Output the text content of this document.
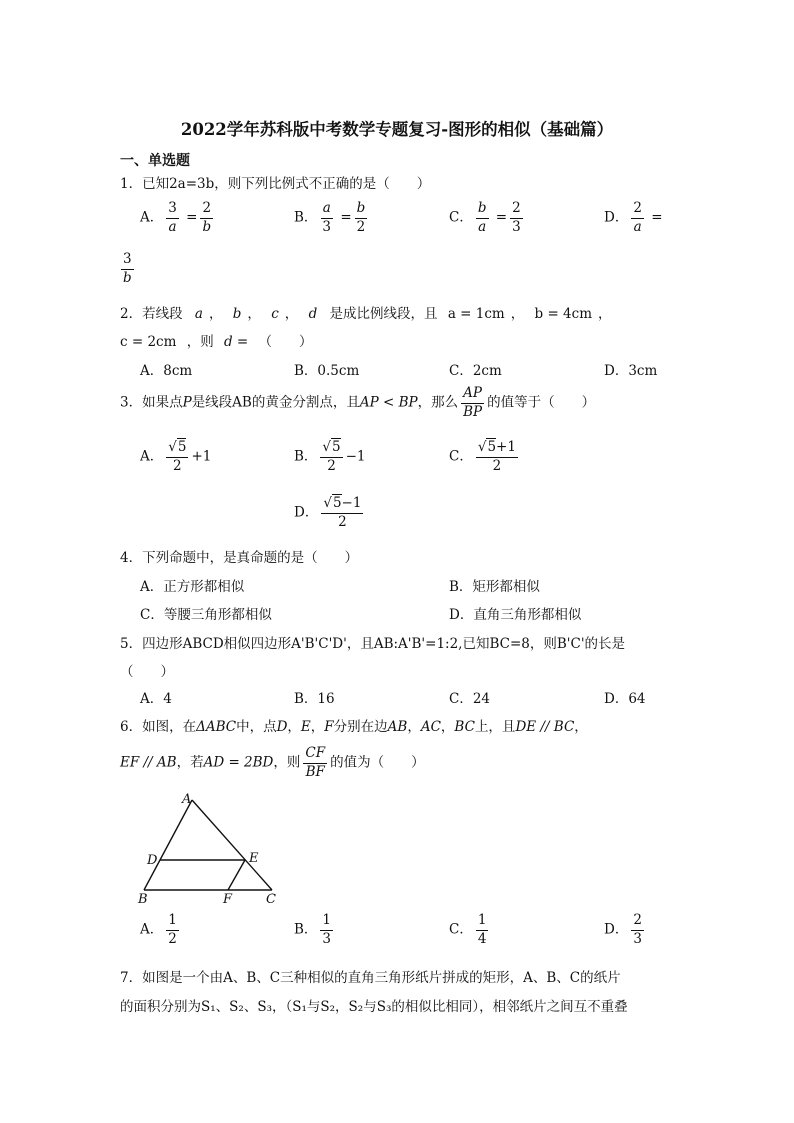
2022学年苏科版中考数学专题复习-图形的相似（基础篇）
一、单选题
1．已知2a=3b，则下列比例式不正确的是（　　）
A． $\frac{3}{a} = \frac{2}{b}$	B． $\frac{a}{3} = \frac{b}{2}$	C． $\frac{b}{a} = \frac{2}{3}$	D． $\frac{2}{a}$ =
$\frac{3}{b}$
2．若线段 a ， b ， c ， d 是成比例线段，且 a = 1cm ， b = 4cm ，
c = 2cm ，则 d = （　　）
A．8cm	B．0.5cm	C．2cm	D．3cm
3．如果点P是线段AB的黄金分割点，且AP < BP，那么 $\frac{AP}{BP}$ 的值等于（　　）
A． $\frac{√5}{2} +1$	B． $\frac{√5}{2} -1$	C． $\frac{√5+1}{2}$
D． $\frac{√5-1}{2}$
4．下列命题中，是真命题的是（　　）
A．正方形都相似	B．矩形都相似
C．等腰三角形都相似	D．直角三角形都相似
5．四边形ABCD相似四边形A'B'C'D'，且AB:A'B'=1:2,已知BC=8，则B'C'的长是
（　　）
A．4	B．16	C．24	D．64
6．如图，在ΔABC中，点D，E，F分别在边AB，AC，BC上，且DE // BC，
EF // AB，若AD = 2BD，则 $\frac{CF}{BF}$ 的值为（　　）
A
D	E
B	F	C
A． $\frac{1}{2}$	B． $\frac{1}{3}$	C． $\frac{1}{4}$	D． $\frac{2}{3}$
7．如图是一个由A、B、C三种相似的直角三角形纸片拼成的矩形，A、B、C的纸片
的面积分别为S₁、S₂、S₃，（S₁与S₂，S₂与S₃的相似比相同），相邻纸片之间互不重叠
